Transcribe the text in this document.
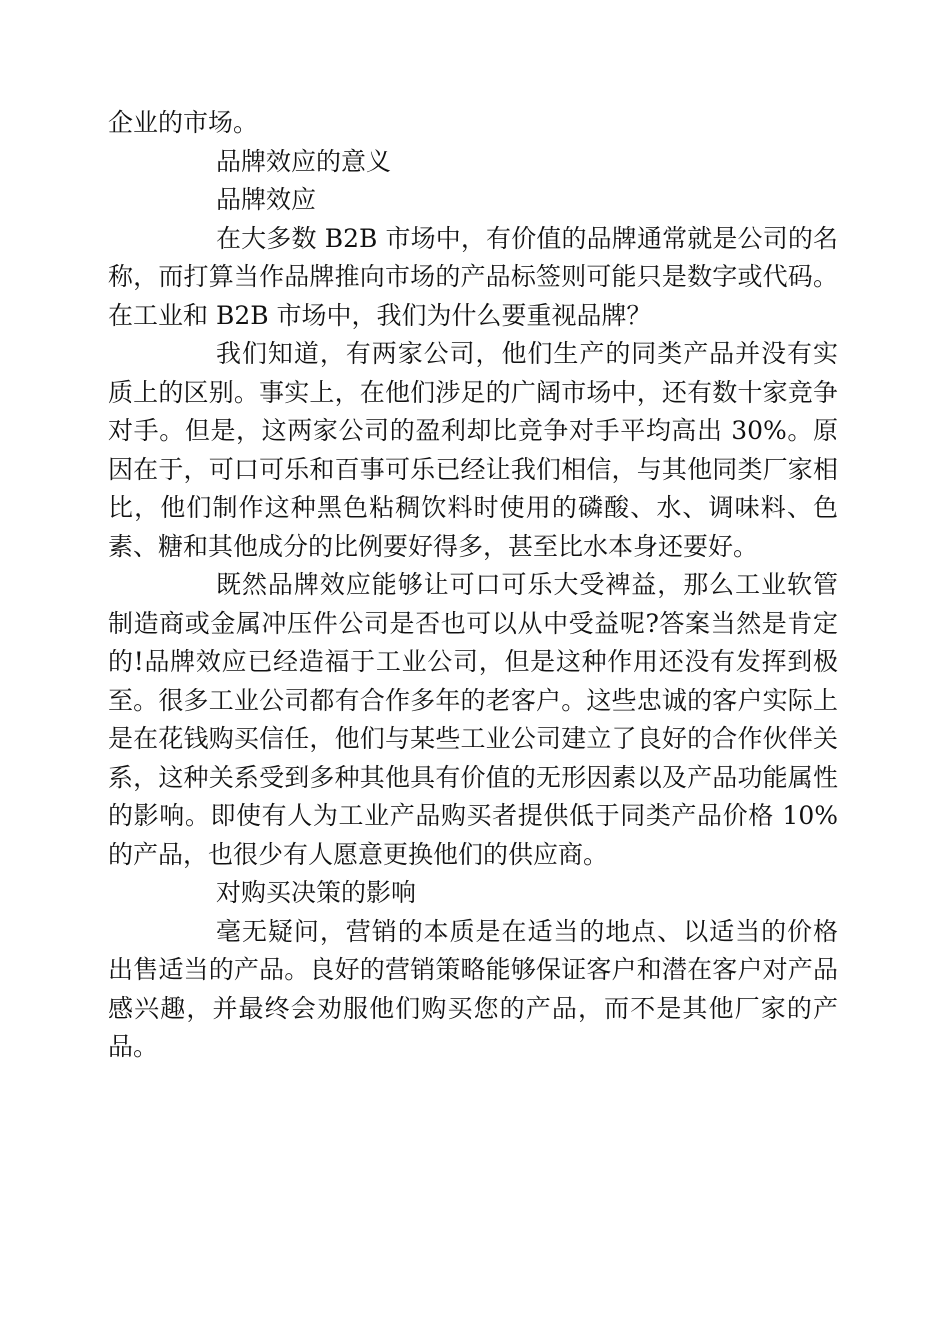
企业的市场。

品牌效应的意义

品牌效应

在大多数 B2B 市场中，有价值的品牌通常就是公司的名称，而打算当作品牌推向市场的产品标签则可能只是数字或代码。在工业和 B2B 市场中，我们为什么要重视品牌？

我们知道，有两家公司，他们生产的同类产品并没有实质上的区别。事实上，在他们涉足的广阔市场中，还有数十家竞争对手。但是，这两家公司的盈利却比竞争对手平均高出 30%。原因在于，可口可乐和百事可乐已经让我们相信，与其他同类厂家相比，他们制作这种黑色粘稠饮料时使用的磷酸、水、调味料、色素、糖和其他成分的比例要好得多，甚至比水本身还要好。

既然品牌效应能够让可口可乐大受裨益，那么工业软管制造商或金属冲压件公司是否也可以从中受益呢?答案当然是肯定的!品牌效应已经造福于工业公司，但是这种作用还没有发挥到极至。很多工业公司都有合作多年的老客户。这些忠诚的客户实际上是在花钱购买信任，他们与某些工业公司建立了良好的合作伙伴关系，这种关系受到多种其他具有价值的无形因素以及产品功能属性的影响。即使有人为工业产品购买者提供低于同类产品价格 10%的产品，也很少有人愿意更换他们的供应商。

对购买决策的影响

毫无疑问，营销的本质是在适当的地点、以适当的价格出售适当的产品。良好的营销策略能够保证客户和潜在客户对产品感兴趣，并最终会劝服他们购买您的产品，而不是其他厂家的产品。
